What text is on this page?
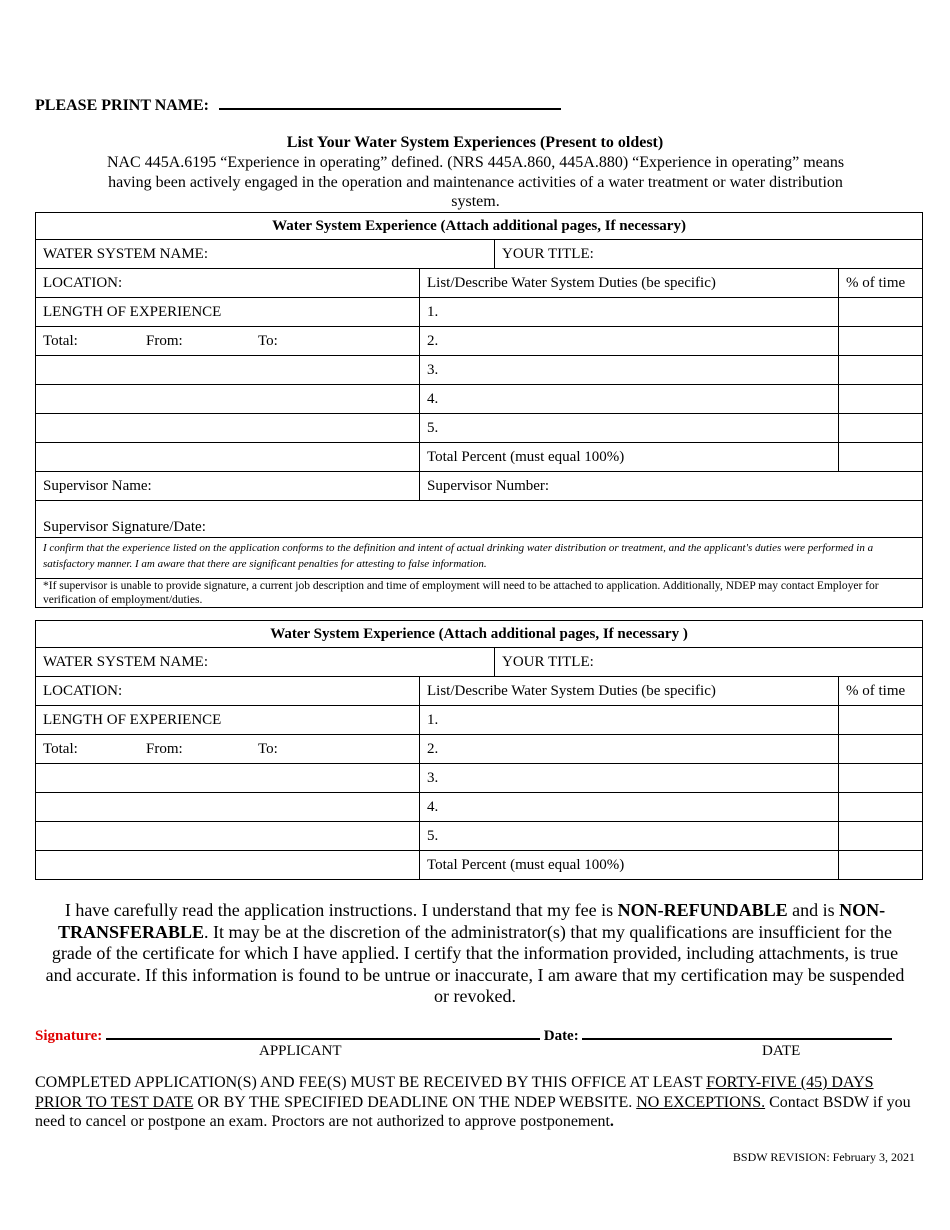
PLEASE PRINT NAME:
List Your Water System Experiences (Present to oldest)
NAC 445A.6195 “Experience in operating” defined. (NRS 445A.860, 445A.880) “Experience in operating” means having been actively engaged in the operation and maintenance activities of a water treatment or water distribution system.
Water System Experience (Attach additional pages, If necessary)			
WATER SYSTEM NAME:		YOUR TITLE:	
LOCATION:	List/Describe Water System Duties (be specific)		% of time
LENGTH OF EXPERIENCE	1.		
Total: From: To:	2.		
	3.		
	4.		
	5.		
	Total Percent (must equal 100%)		
Supervisor Name:	Supervisor Number:		
Supervisor Signature/Date:			
I confirm that the experience listed on the application conforms to the definition and intent of actual drinking water distribution or treatment, and the applicant's duties were performed in a satisfactory manner. I am aware that there are significant penalties for attesting to false information.			
*If supervisor is unable to provide signature, a current job description and time of employment will need to be attached to application. Additionally, NDEP may contact Employer for verification of employment/duties.			
Water System Experience (Attach additional pages, If necessary )			
WATER SYSTEM NAME:		YOUR TITLE:	
LOCATION:	List/Describe Water System Duties (be specific)		% of time
LENGTH OF EXPERIENCE	1.		
Total: From: To:	2.		
	3.		
	4.		
	5.		
	Total Percent (must equal 100%)		
I have carefully read the application instructions. I understand that my fee is NON-REFUNDABLE and is NON-TRANSFERABLE. It may be at the discretion of the administrator(s) that my qualifications are insufficient for the grade of the certificate for which I have applied. I certify that the information provided, including attachments, is true and accurate. If this information is found to be untrue or inaccurate, I am aware that my certification may be suspended or revoked.
Signature:	Date:
APPLICANT	DATE
COMPLETED APPLICATION(S) AND FEE(S) MUST BE RECEIVED BY THIS OFFICE AT LEAST FORTY-FIVE (45) DAYS PRIOR TO TEST DATE OR BY THE SPECIFIED DEADLINE ON THE NDEP WEBSITE. NO EXCEPTIONS. Contact BSDW if you need to cancel or postpone an exam. Proctors are not authorized to approve postponement.
BSDW REVISION: February 3, 2021
